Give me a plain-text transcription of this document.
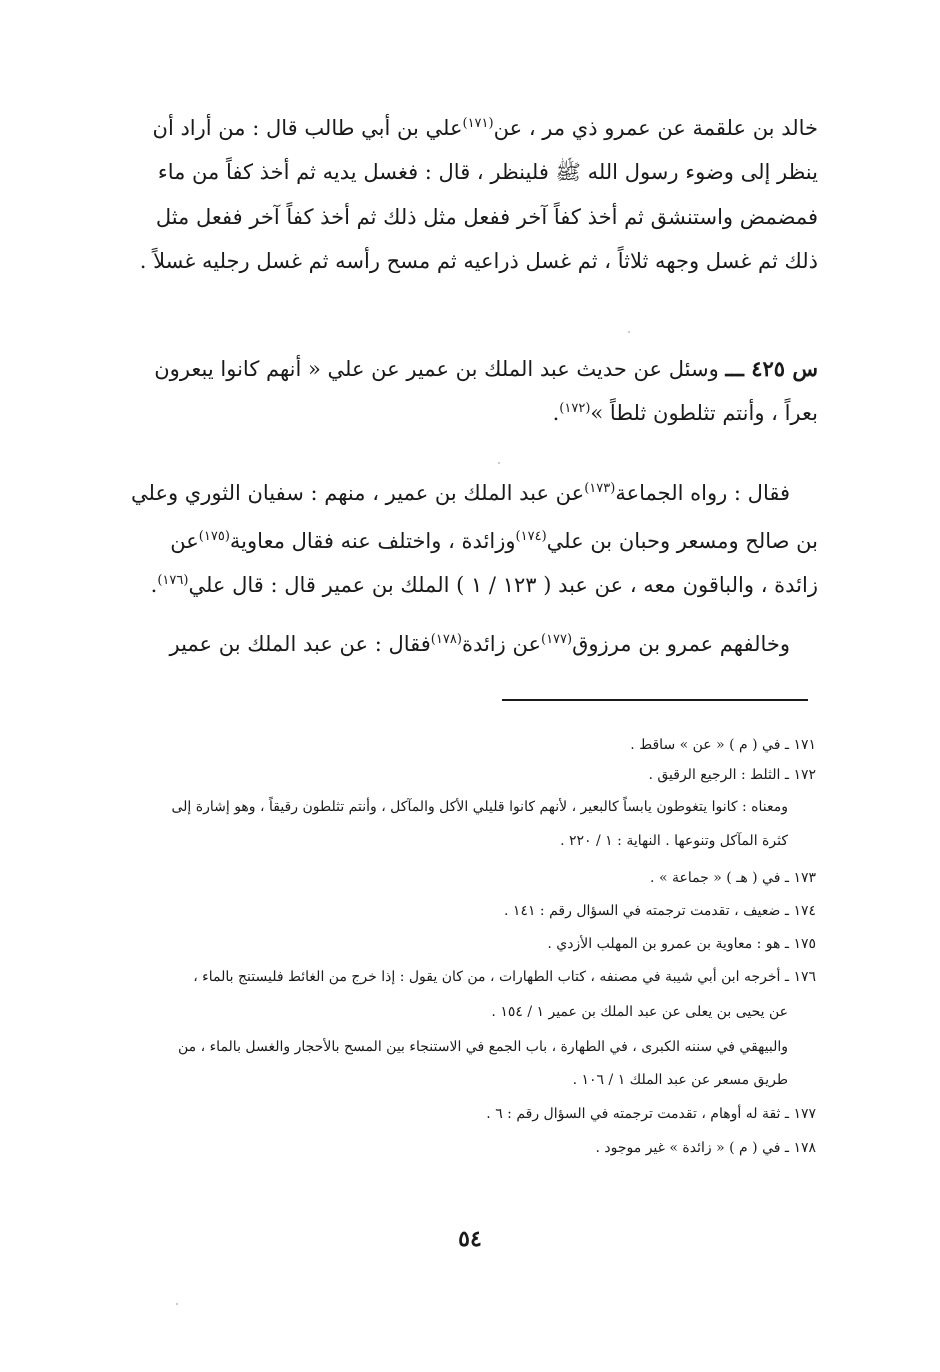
خالد بن علقمة عن عمرو ذي مر ، عن$^{(١٧١)}$علي بن أبي طالب قال : من أراد أن
ينظر إلى وضوء رسول الله ﷺ فلينظر ، قال : فغسل يديه ثم أخذ كفاً من ماء
فمضمض واستنشق ثم أخذ كفاً آخر ففعل مثل ذلك ثم أخذ كفاً آخر ففعل مثل
ذلك ثم غسل وجهه ثلاثاً ، ثم غسل ذراعيه ثم مسح رأسه ثم غسل رجليه غسلاً .
س ٤٢٥ ـــ وسئل عن حديث عبد الملك بن عمير عن علي « أنهم كانوا يبعرون
بعراً ، وأنتم تثلطون ثلطاً »$^{(١٧٢)}$.
فقال : رواه الجماعة$^{(١٧٣)}$عن عبد الملك بن عمير ، منهم : سفيان الثوري وعلي
بن صالح ومسعر وحبان بن علي$^{(١٧٤)}$وزائدة ، واختلف عنه فقال معاوية$^{(١٧٥)}$عن
زائدة ، والباقون معه ، عن عبد ( ١٢٣ / ١ ) الملك بن عمير قال : قال علي$^{(١٧٦)}$.
وخالفهم عمرو بن مرزوق$^{(١٧٧)}$عن زائدة$^{(١٧٨)}$فقال : عن عبد الملك بن عمير
١٧١ ـ في ( م ) « عن » ساقط .
١٧٢ ـ الثلط : الرجيع الرقيق .
ومعناه : كانوا يتغوطون يابساً كالبعير ، لأنهم كانوا قليلي الأكل والمآكل ، وأنتم تثلطون رقيقاً ، وهو إشارة إلى
كثرة المآكل وتنوعها . النهاية : ١ / ٢٢٠ .
١٧٣ ـ في ( هـ ) « جماعة » .
١٧٤ ـ ضعيف ، تقدمت ترجمته في السؤال رقم : ١٤١ .
١٧٥ ـ هو : معاوية بن عمرو بن المهلب الأزدي .
١٧٦ ـ أخرجه ابن أبي شيبة في مصنفه ، كتاب الطهارات ، من كان يقول : إذا خرج من الغائط فليستنج بالماء ،
عن يحيى بن يعلى عن عبد الملك بن عمير ١ / ١٥٤ .
والبيهقي في سننه الكبرى ، في الطهارة ، باب الجمع في الاستنجاء بين المسح بالأحجار والغسل بالماء ، من
طريق مسعر عن عبد الملك ١ / ١٠٦ .
١٧٧ ـ ثقة له أوهام ، تقدمت ترجمته في السؤال رقم : ٦ .
١٧٨ ـ في ( م ) « زائدة » غير موجود .
٥٤
